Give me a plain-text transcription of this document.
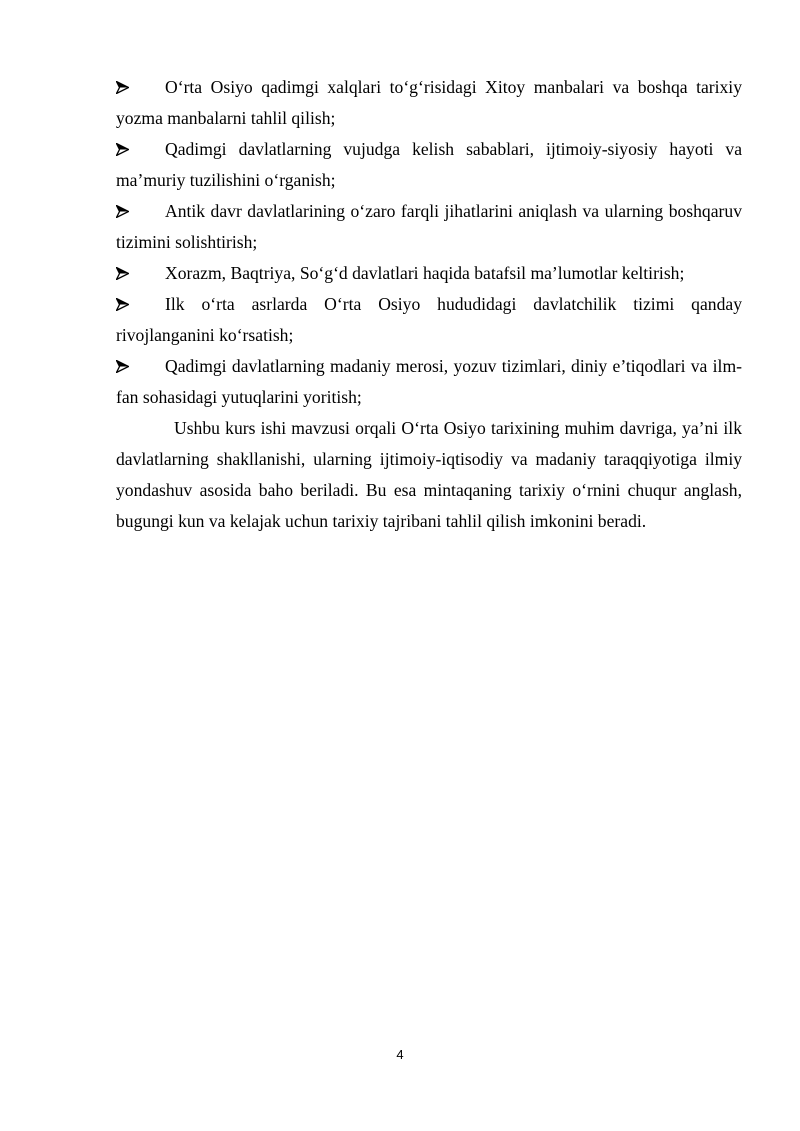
O‘rta Osiyo qadimgi xalqlari to‘g‘risidagi Xitoy manbalari va boshqa tarixiy yozma manbalarni tahlil qilish;

Qadimgi davlatlarning vujudga kelish sabablari, ijtimoiy-siyosiy hayoti va ma’muriy tuzilishini o‘rganish;

Antik davr davlatlarining o‘zaro farqli jihatlarini aniqlash va ularning boshqaruv tizimini solishtirish;

Xorazm, Baqtriya, So‘g‘d davlatlari haqida batafsil ma’lumotlar keltirish;

Ilk o‘rta asrlarda O‘rta Osiyo hududidagi davlatchilik tizimi qanday rivojlanganini ko‘rsatish;

Qadimgi davlatlarning madaniy merosi, yozuv tizimlari, diniy e’tiqodlari va ilm-fan sohasidagi yutuqlarini yoritish;

Ushbu kurs ishi mavzusi orqali O‘rta Osiyo tarixining muhim davriga, ya’ni ilk davlatlarning shakllanishi, ularning ijtimoiy-iqtisodiy va madaniy taraqqiyotiga ilmiy yondashuv asosida baho beriladi. Bu esa mintaqaning tarixiy o‘rnini chuqur anglash, bugungi kun va kelajak uchun tarixiy tajribani tahlil qilish imkonini beradi.

4
